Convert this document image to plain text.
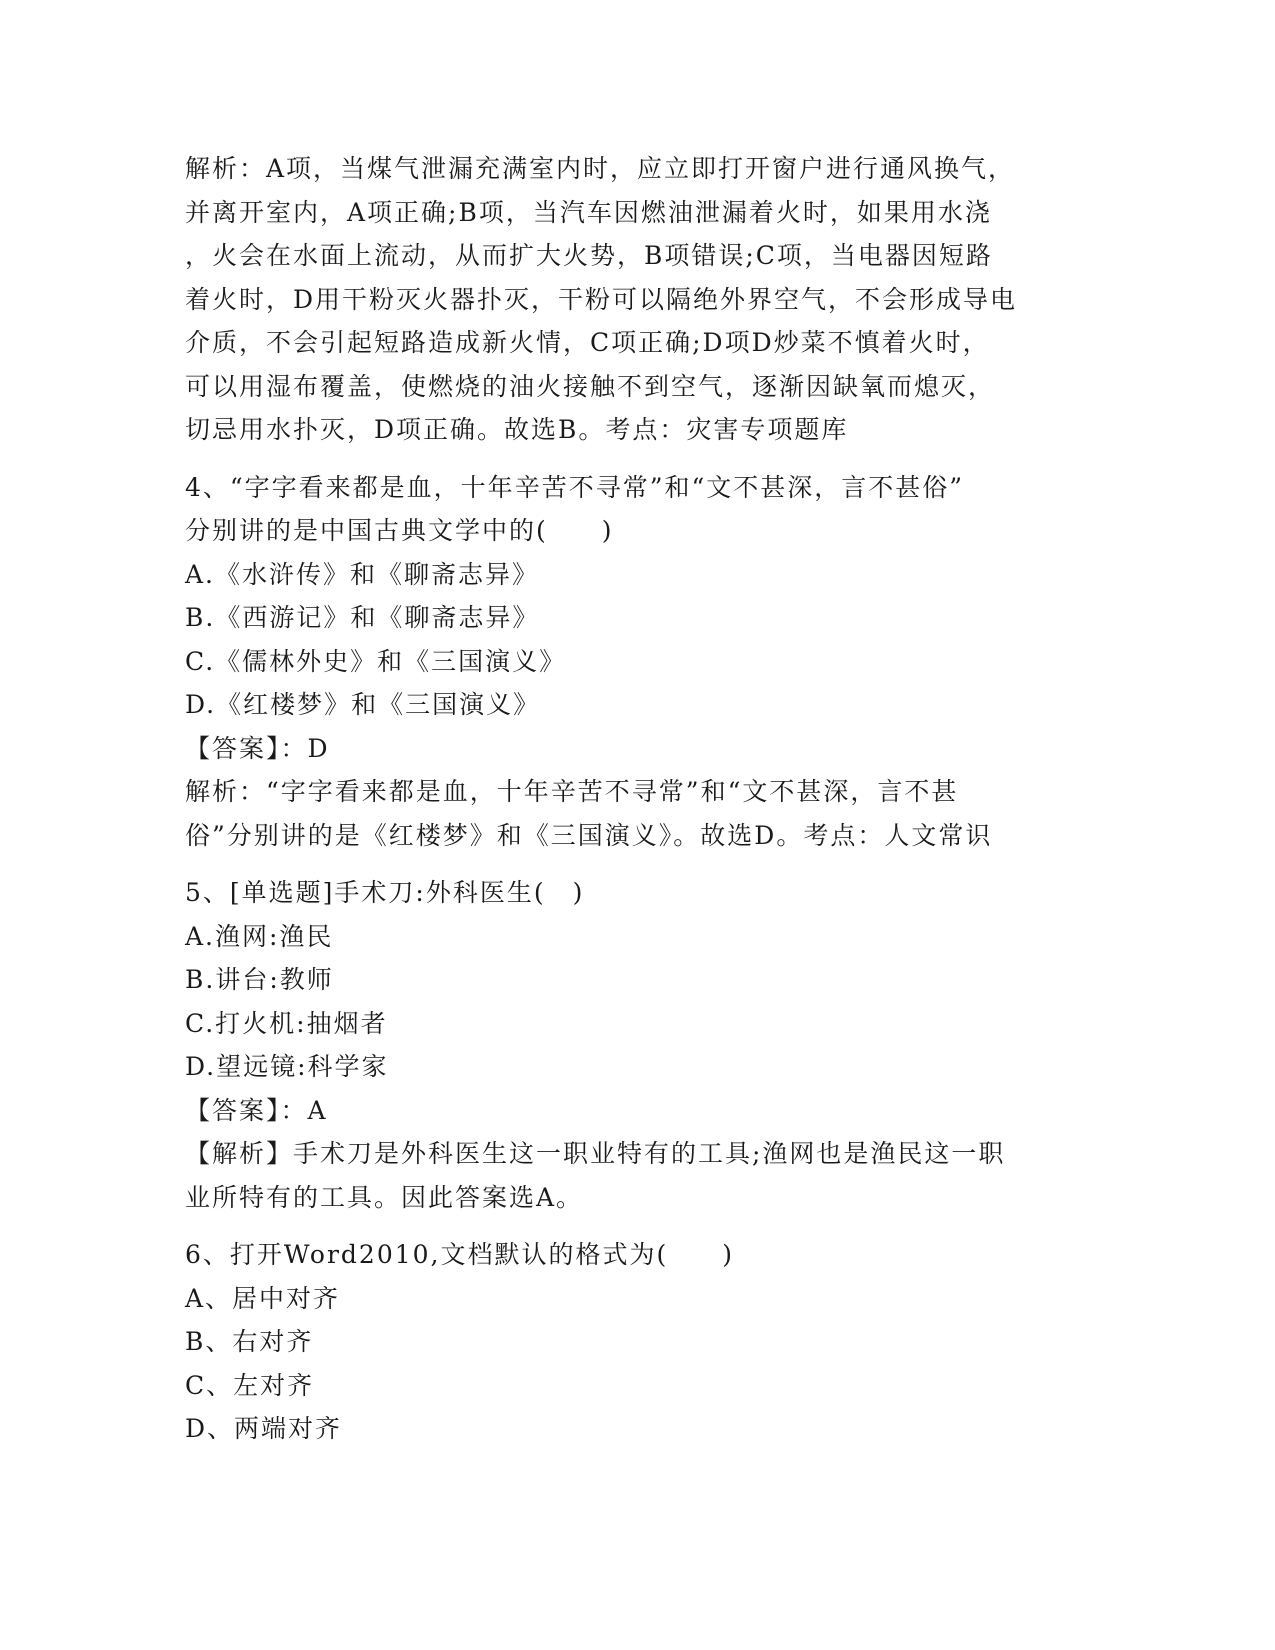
解析：A项，当煤气泄漏充满室内时，应立即打开窗户进行通风换气，
并离开室内，A项正确;B项，当汽车因燃油泄漏着火时，如果用水浇
，火会在水面上流动，从而扩大火势，B项错误;C项，当电器因短路
着火时，D用干粉灭火器扑灭，干粉可以隔绝外界空气，不会形成导电
介质，不会引起短路造成新火情，C项正确;D项D炒菜不慎着火时，
可以用湿布覆盖，使燃烧的油火接触不到空气，逐渐因缺氧而熄灭，
切忌用水扑灭，D项正确。故选B。考点：灾害专项题库
4、“字字看来都是血，十年辛苦不寻常”和“文不甚深，言不甚俗”
分别讲的是中国古典文学中的(　　)
A.《水浒传》和《聊斋志异》
B.《西游记》和《聊斋志异》
C.《儒林外史》和《三国演义》
D.《红楼梦》和《三国演义》
【答案】：D
解析：“字字看来都是血，十年辛苦不寻常”和“文不甚深，言不甚
俗”分别讲的是《红楼梦》和《三国演义》。故选D。考点：人文常识
5、[单选题]手术刀:外科医生(　)
A.渔网:渔民
B.讲台:教师
C.打火机:抽烟者
D.望远镜:科学家
【答案】：A
【解析】手术刀是外科医生这一职业特有的工具;渔网也是渔民这一职
业所特有的工具。因此答案选A。
6、打开Word2010,文档默认的格式为(　　)
A、居中对齐
B、右对齐
C、左对齐
D、两端对齐
